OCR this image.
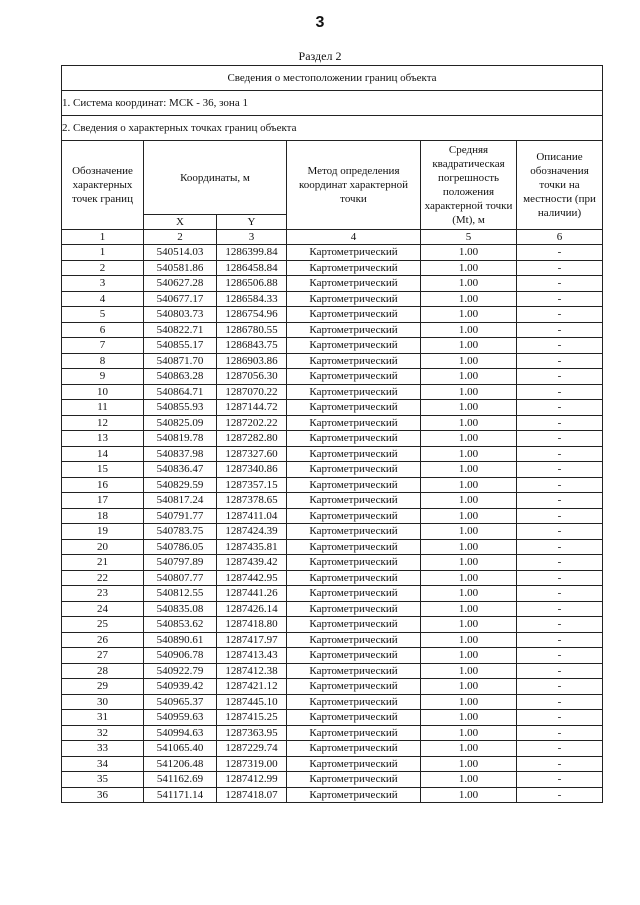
3
Раздел 2
Сведения о местоположении границ объекта					
1. Система координат: МСК - 36, зона 1					
2. Сведения о характерных точках границ объекта					
Обозначение характерных точек границ	Координаты, м		Метод определения координат характерной точки	Средняя квадратическая погрешность положения характерной точки (Mt), м	Описание обозначения точки на местности (при наличии)
	X	Y			
1	2	3	4	5	6
1	540514.03	1286399.84	Картометрический	1.00	-
2	540581.86	1286458.84	Картометрический	1.00	-
3	540627.28	1286506.88	Картометрический	1.00	-
4	540677.17	1286584.33	Картометрический	1.00	-
5	540803.73	1286754.96	Картометрический	1.00	-
6	540822.71	1286780.55	Картометрический	1.00	-
7	540855.17	1286843.75	Картометрический	1.00	-
8	540871.70	1286903.86	Картометрический	1.00	-
9	540863.28	1287056.30	Картометрический	1.00	-
10	540864.71	1287070.22	Картометрический	1.00	-
11	540855.93	1287144.72	Картометрический	1.00	-
12	540825.09	1287202.22	Картометрический	1.00	-
13	540819.78	1287282.80	Картометрический	1.00	-
14	540837.98	1287327.60	Картометрический	1.00	-
15	540836.47	1287340.86	Картометрический	1.00	-
16	540829.59	1287357.15	Картометрический	1.00	-
17	540817.24	1287378.65	Картометрический	1.00	-
18	540791.77	1287411.04	Картометрический	1.00	-
19	540783.75	1287424.39	Картометрический	1.00	-
20	540786.05	1287435.81	Картометрический	1.00	-
21	540797.89	1287439.42	Картометрический	1.00	-
22	540807.77	1287442.95	Картометрический	1.00	-
23	540812.55	1287441.26	Картометрический	1.00	-
24	540835.08	1287426.14	Картометрический	1.00	-
25	540853.62	1287418.80	Картометрический	1.00	-
26	540890.61	1287417.97	Картометрический	1.00	-
27	540906.78	1287413.43	Картометрический	1.00	-
28	540922.79	1287412.38	Картометрический	1.00	-
29	540939.42	1287421.12	Картометрический	1.00	-
30	540965.37	1287445.10	Картометрический	1.00	-
31	540959.63	1287415.25	Картометрический	1.00	-
32	540994.63	1287363.95	Картометрический	1.00	-
33	541065.40	1287229.74	Картометрический	1.00	-
34	541206.48	1287319.00	Картометрический	1.00	-
35	541162.69	1287412.99	Картометрический	1.00	-
36	541171.14	1287418.07	Картометрический	1.00	-
